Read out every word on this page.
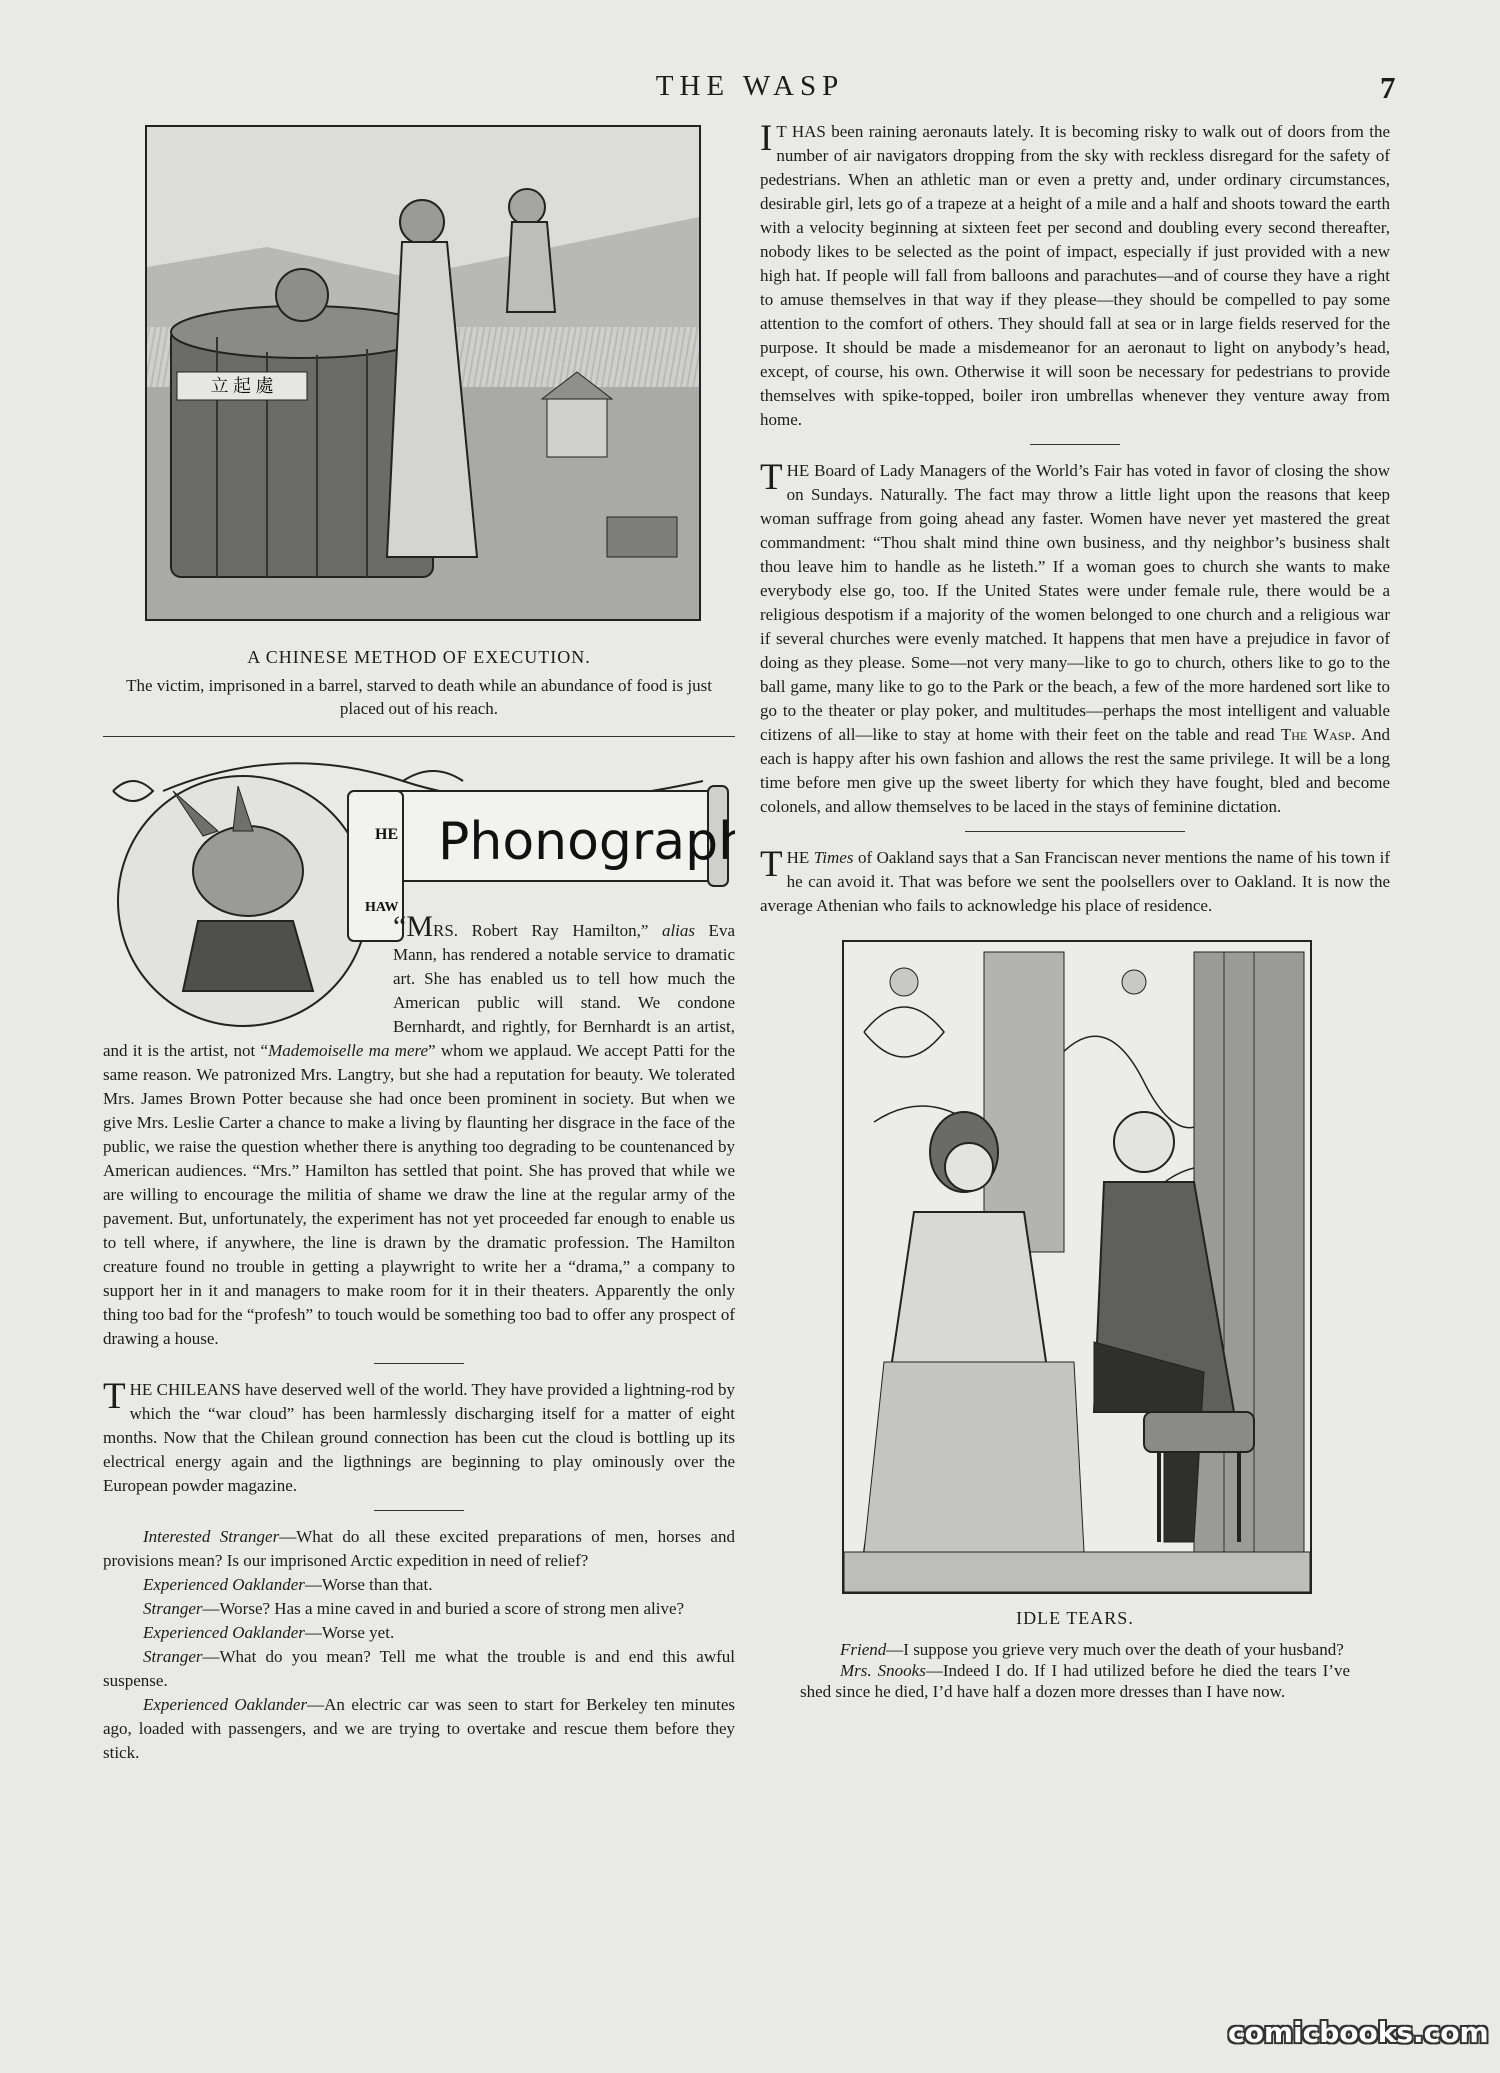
THE WASP	7
立 起 處
A CHINESE METHOD OF EXECUTION.
The victim, imprisoned in a barrel, starved to death while an abundance of food is just placed out of his reach.
HE
HAW
Phonograph

“MRS. Robert Ray Hamilton,” alias Eva Mann, has rendered a notable service to dramatic art. She has enabled us to tell how much the American public will stand. We condone Bernhardt, and rightly, for Bernhardt is an artist, and it is the artist, not “Mademoiselle ma mere” whom we applaud. We accept Patti for the same reason. We patronized Mrs. Langtry, but she had a reputation for beauty. We tolerated Mrs. James Brown Potter because she had once been prominent in society. But when we give Mrs. Leslie Carter a chance to make a living by flaunting her disgrace in the face of the public, we raise the question whether there is anything too degrading to be countenanced by American audiences. “Mrs.” Hamilton has settled that point. She has proved that while we are willing to encourage the militia of shame we draw the line at the regular army of the pavement. But, unfortunately, the experiment has not yet proceeded far enough to enable us to tell where, if anywhere, the line is drawn by the dramatic profession. The Hamilton creature found no trouble in getting a playwright to write her a “drama,” a company to support her in it and managers to make room for it in their theaters. Apparently the only thing too bad for the “profesh” to touch would be something too bad to offer any prospect of drawing a house.

THE CHILEANS have deserved well of the world. They have provided a lightning-rod by which the “war cloud” has been harmlessly discharging itself for a matter of eight months. Now that the Chilean ground connection has been cut the cloud is bottling up its electrical energy again and the ligthnings are beginning to play ominously over the European powder magazine.

Interested Stranger—What do all these excited preparations of men, horses and provisions mean? Is our imprisoned Arctic expedition in need of relief?

Experienced Oaklander—Worse than that.

Stranger—Worse? Has a mine caved in and buried a score of strong men alive?

Experienced Oaklander—Worse yet.

Stranger—What do you mean? Tell me what the trouble is and end this awful suspense.

Experienced Oaklander—An electric car was seen to start for Berkeley ten minutes ago, loaded with passengers, and we are trying to overtake and rescue them before they stick.

I T HAS been raining aeronauts lately. It is becoming risky to walk out of doors from the number of air navigators dropping from the sky with reckless disregard for the safety of pedestrians. When an athletic man or even a pretty and, under ordinary circumstances, desirable girl, lets go of a trapeze at a height of a mile and a half and shoots toward the earth with a velocity beginning at sixteen feet per second and doubling every second thereafter, nobody likes to be selected as the point of impact, especially if just provided with a new high hat. If people will fall from balloons and parachutes—and of course they have a right to amuse themselves in that way if they please—they should be compelled to pay some attention to the comfort of others. They should fall at sea or in large fields reserved for the purpose. It should be made a misdemeanor for an aeronaut to light on anybody’s head, except, of course, his own. Otherwise it will soon be necessary for pedestrians to provide themselves with spike-topped, boiler iron umbrellas whenever they venture away from home.

THE Board of Lady Managers of the World’s Fair has voted in favor of closing the show on Sundays. Naturally. The fact may throw a little light upon the reasons that keep woman suffrage from going ahead any faster. Women have never yet mastered the great commandment: “Thou shalt mind thine own business, and thy neighbor’s business shalt thou leave him to handle as he listeth.” If a woman goes to church she wants to make everybody else go, too. If the United States were under female rule, there would be a religious despotism if a majority of the women belonged to one church and a religious war if several churches were evenly matched. It happens that men have a prejudice in favor of doing as they please. Some—not very many—like to go to church, others like to go to the ball game, many like to go to the Park or the beach, a few of the more hardened sort like to go to the theater or play poker, and multitudes—perhaps the most intelligent and valuable citizens of all—like to stay at home with their feet on the table and read The Wasp. And each is happy after his own fashion and allows the rest the same privilege. It will be a long time before men give up the sweet liberty for which they have fought, bled and become colonels, and allow themselves to be laced in the stays of feminine dictation.

THE Times of Oakland says that a San Franciscan never mentions the name of his town if he can avoid it. That was before we sent the poolsellers over to Oakland. It is now the average Athenian who fails to acknowledge his place of residence.

IDLE TEARS.

Friend—I suppose you grieve very much over the death of your husband?

Mrs. Snooks—Indeed I do. If I had utilized before he died the tears I’ve shed since he died, I’d have half a dozen more dresses than I have now.

comicbooks.com
